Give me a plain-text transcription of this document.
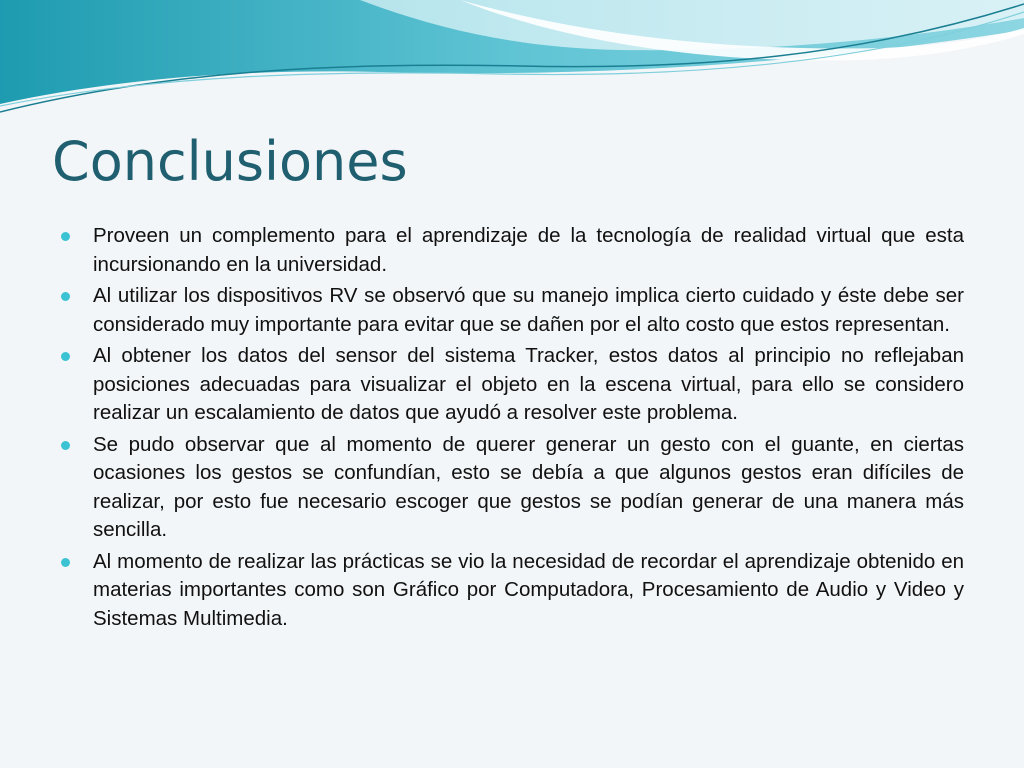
Conclusiones
Proveen un complemento para el aprendizaje de la tecnología de realidad virtual que esta incursionando en la universidad.
Al utilizar los dispositivos RV se observó que su manejo implica cierto cuidado y éste debe ser considerado muy importante para evitar que se dañen por el alto costo que estos representan.
Al obtener los datos del sensor del sistema Tracker, estos datos al principio no reflejaban posiciones adecuadas para visualizar el objeto en la escena virtual, para ello se considero realizar un escalamiento de datos que ayudó a resolver este problema.
Se pudo observar que al momento de querer generar un gesto con el guante, en ciertas ocasiones los gestos se confundían, esto se debía a que algunos gestos eran difíciles de realizar, por esto fue necesario escoger que gestos se podían generar de una manera más sencilla.
Al momento de realizar las prácticas se vio la necesidad de recordar el aprendizaje obtenido en materias importantes como son Gráfico por Computadora, Procesamiento de Audio y Video y Sistemas Multimedia.
